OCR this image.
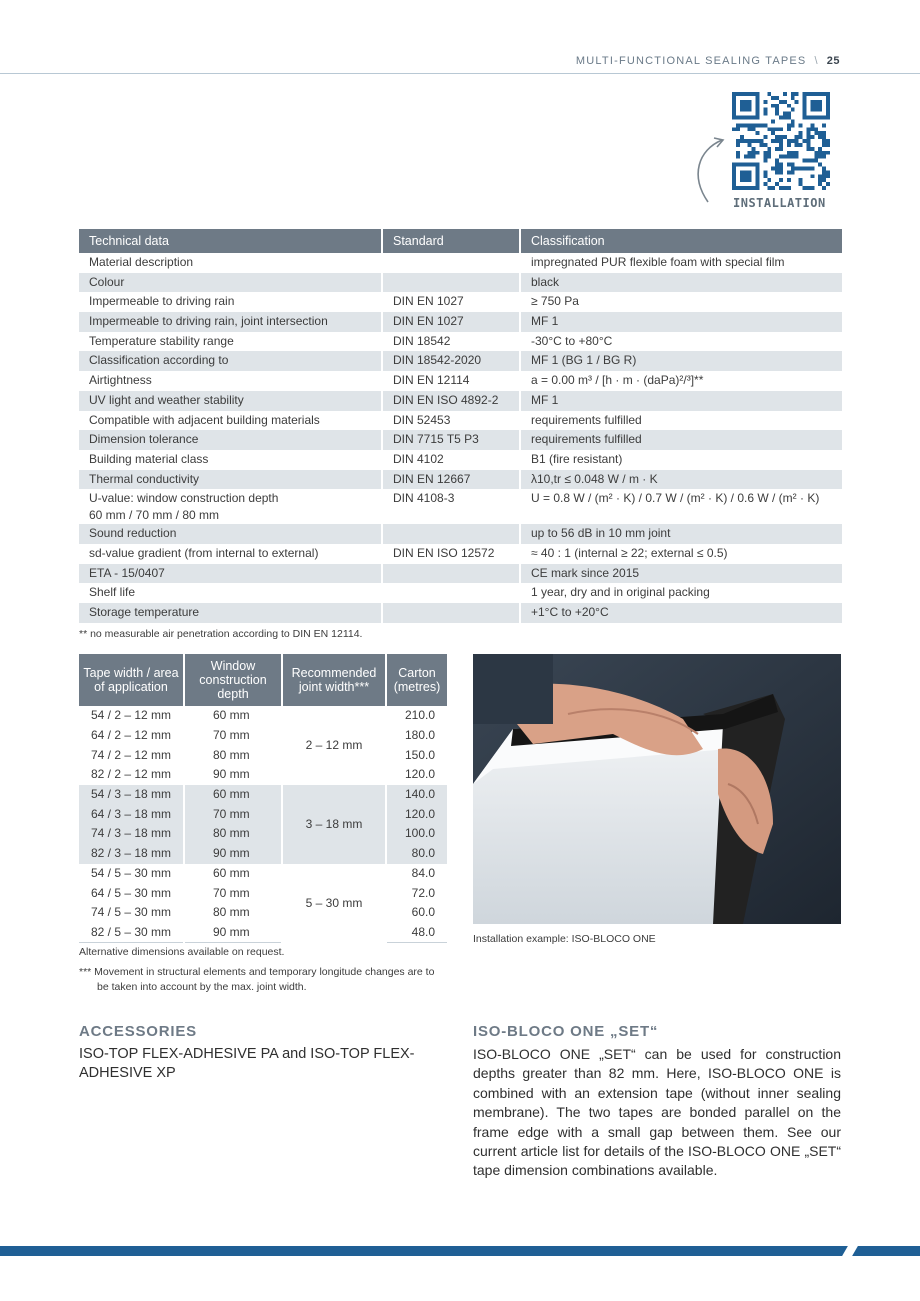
MULTI-FUNCTIONAL SEALING TAPES \ 25
INSTALLATION
Technical data	Standard	Classification
Material description		impregnated PUR flexible foam with special film
Colour		black
Impermeable to driving rain	DIN EN 1027	≥ 750 Pa
Impermeable to driving rain, joint intersection	DIN EN 1027	MF 1
Temperature stability range	DIN 18542	-30°C to +80°C
Classification according to	DIN 18542-2020	MF 1 (BG 1 / BG R)
Airtightness	DIN EN 12114	a = 0.00 m³ / [h · m · (daPa)²/³]**
UV light and weather stability	DIN EN ISO 4892-2	MF 1
Compatible with adjacent building materials	DIN 52453	requirements fulfilled
Dimension tolerance	DIN 7715 T5 P3	requirements fulfilled
Building material class	DIN 4102	B1 (fire resistant)
Thermal conductivity	DIN EN 12667	λ10,tr ≤ 0.048 W / m · K
U-value: window construction depth
60 mm / 70 mm / 80 mm	DIN 4108-3	U = 0.8 W / (m² · K) / 0.7 W / (m² · K) / 0.6 W / (m² · K)
Sound reduction		up to 56 dB in 10 mm joint
sd-value gradient (from internal to external)	DIN EN ISO 12572	≈ 40 : 1 (internal ≥ 22; external ≤ 0.5)
ETA - 15/0407		CE mark since 2015
Shelf life		1 year, dry and in original packing
Storage temperature		+1°C to +20°C
** no measurable air penetration according to DIN EN 12114.
Tape width / area of application	Window construction depth	Recommended joint width***	Carton (metres)
54 / 2 – 12 mm	60 mm	2 – 12 mm	210.0
64 / 2 – 12 mm	70 mm		180.0
74 / 2 – 12 mm	80 mm		150.0
82 / 2 – 12 mm	90 mm		120.0
54 / 3 – 18 mm	60 mm	3 – 18 mm	140.0
64 / 3 – 18 mm	70 mm		120.0
74 / 3 – 18 mm	80 mm		100.0
82 / 3 – 18 mm	90 mm		80.0
54 / 5 – 30 mm	60 mm	5 – 30 mm	84.0
64 / 5 – 30 mm	70 mm		72.0
74 / 5 – 30 mm	80 mm		60.0
82 / 5 – 30 mm	90 mm		48.0
Alternative dimensions available on request.
*** Movement in structural elements and temporary longitude changes are to be taken into account by the max. joint width.
Installation example: ISO-BLOCO ONE
ACCESSORIES
ISO-TOP FLEX-ADHESIVE PA and ISO-TOP FLEX-ADHESIVE XP
ISO-BLOCO ONE „SET“
ISO-BLOCO ONE „SET“ can be used for construction depths greater than 82 mm. Here, ISO-BLOCO ONE is combined with an extension tape (without inner sealing membrane). The two tapes are bonded parallel on the frame edge with a small gap between them. See our current article list for details of the ISO-BLOCO ONE „SET“ tape dimension combinations available.
